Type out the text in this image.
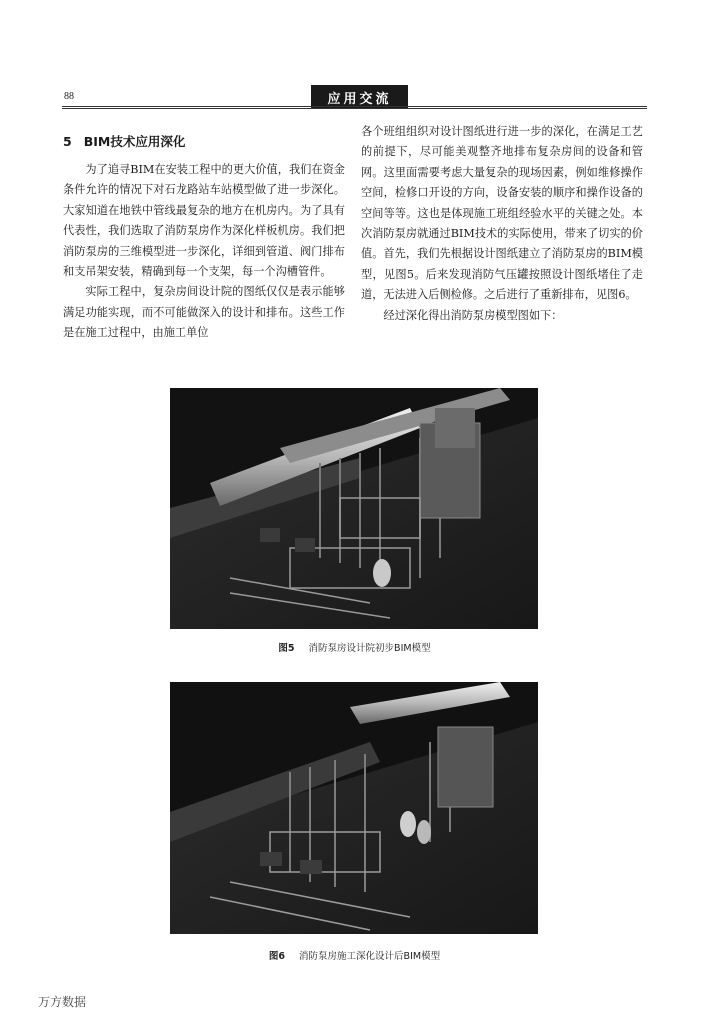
88	应用交流
5 BIM技术应用深化

为了追寻BIM在安装工程中的更大价值，我们在资金条件允许的情况下对石龙路站车站模型做了进一步深化。大家知道在地铁中管线最复杂的地方在机房内。为了具有代表性，我们选取了消防泵房作为深化样板机房。我们把消防泵房的三维模型进一步深化，详细到管道、阀门排布和支吊架安装，精确到每一个支架，每一个沟槽管件。

实际工程中，复杂房间设计院的图纸仅仅是表示能够满足功能实现，而不可能做深入的设计和排布。这些工作是在施工过程中，由施工单位

各个班组组织对设计图纸进行进一步的深化，在满足工艺的前提下，尽可能美观整齐地排布复杂房间的设备和管网。这里面需要考虑大量复杂的现场因素，例如维修操作空间，检修口开设的方向，设备安装的顺序和操作设备的空间等等。这也是体现施工班组经验水平的关键之处。本次消防泵房就通过BIM技术的实际使用，带来了切实的价值。首先，我们先根据设计图纸建立了消防泵房的BIM模型，见图5。后来发现消防气压罐按照设计图纸堵住了走道，无法进入后侧检修。之后进行了重新排布，见图6。

经过深化得出消防泵房模型图如下：

图5 消防泵房设计院初步BIM模型
图6 消防泵房施工深化设计后BIM模型
万方数据
